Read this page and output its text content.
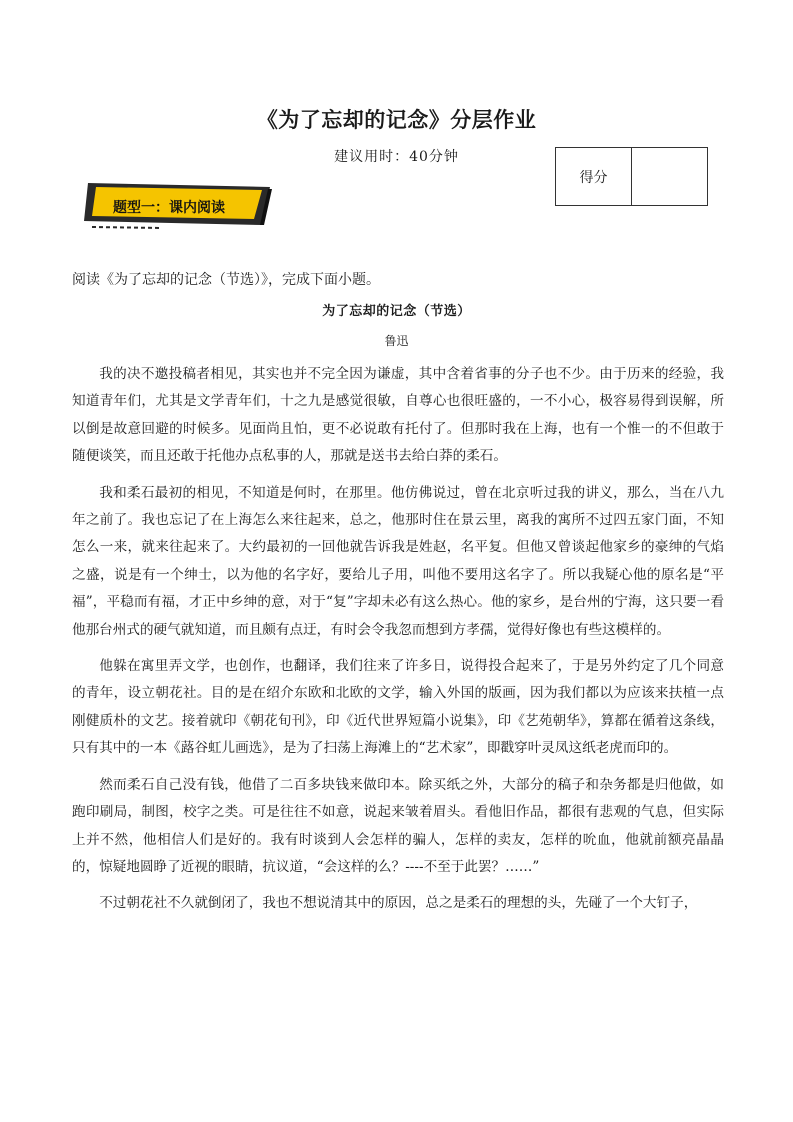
《为了忘却的记念》分层作业
建议用时：40分钟
得分
题型一：课内阅读
阅读《为了忘却的记念（节选）》，完成下面小题。
为了忘却的记念（节选）
鲁迅

我的决不邀投稿者相见，其实也并不完全因为谦虚，其中含着省事的分子也不少。由于历来的经验，我知道青年们，尤其是文学青年们，十之九是感觉很敏，自尊心也很旺盛的，一不小心，极容易得到误解，所以倒是故意回避的时候多。见面尚且怕，更不必说敢有托付了。但那时我在上海，也有一个惟一的不但敢于随便谈笑，而且还敢于托他办点私事的人，那就是送书去给白莽的柔石。

我和柔石最初的相见，不知道是何时，在那里。他仿佛说过，曾在北京听过我的讲义，那么，当在八九年之前了。我也忘记了在上海怎么来往起来，总之，他那时住在景云里，离我的寓所不过四五家门面，不知怎么一来，就来往起来了。大约最初的一回他就告诉我是姓赵，名平复。但他又曾谈起他家乡的豪绅的气焰之盛，说是有一个绅士，以为他的名字好，要给儿子用，叫他不要用这名字了。所以我疑心他的原名是“平福”，平稳而有福，才正中乡绅的意，对于“复”字却未必有这么热心。他的家乡，是台州的宁海，这只要一看他那台州式的硬气就知道，而且颇有点迂，有时会令我忽而想到方孝孺，觉得好像也有些这模样的。

他躲在寓里弄文学，也创作，也翻译，我们往来了许多日，说得投合起来了，于是另外约定了几个同意的青年，设立朝花社。目的是在绍介东欧和北欧的文学，输入外国的版画，因为我们都以为应该来扶植一点刚健质朴的文艺。接着就印《朝花旬刊》，印《近代世界短篇小说集》，印《艺苑朝华》，算都在循着这条线，只有其中的一本《蕗谷虹儿画选》，是为了扫荡上海滩上的“艺术家”，即戳穿叶灵凤这纸老虎而印的。

然而柔石自己没有钱，他借了二百多块钱来做印本。除买纸之外，大部分的稿子和杂务都是归他做，如跑印刷局，制图，校字之类。可是往往不如意，说起来皱着眉头。看他旧作品，都很有悲观的气息，但实际上并不然，他相信人们是好的。我有时谈到人会怎样的骗人，怎样的卖友，怎样的吮血，他就前额亮晶晶的，惊疑地圆睁了近视的眼睛，抗议道，“会这样的么？----不至于此罢？……”

不过朝花社不久就倒闭了，我也不想说清其中的原因，总之是柔石的理想的头，先碰了一个大钉子，
